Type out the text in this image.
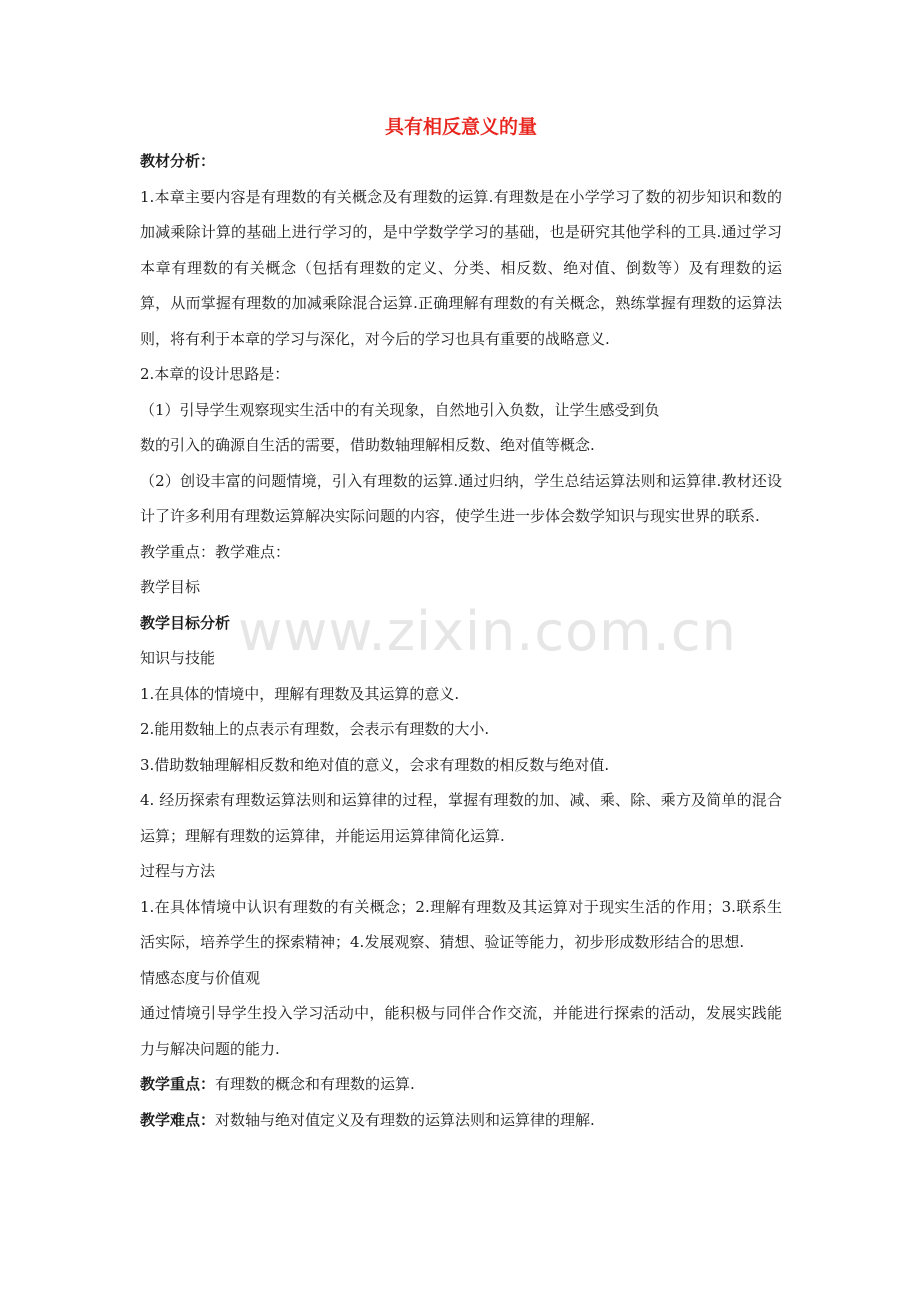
具有相反意义的量

教材分析：

1.本章主要内容是有理数的有关概念及有理数的运算.有理数是在小学学习了数的初步知识和数的加减乘除计算的基础上进行学习的，是中学数学学习的基础，也是研究其他学科的工具.通过学习本章有理数的有关概念（包括有理数的定义、分类、相反数、绝对值、倒数等）及有理数的运算，从而掌握有理数的加减乘除混合运算.正确理解有理数的有关概念，熟练掌握有理数的运算法则，将有利于本章的学习与深化，对今后的学习也具有重要的战略意义.

2.本章的设计思路是：

（1）引导学生观察现实生活中的有关现象，自然地引入负数，让学生感受到负

数的引入的确源自生活的需要，借助数轴理解相反数、绝对值等概念.

（2）创设丰富的问题情境，引入有理数的运算.通过归纳，学生总结运算法则和运算律.教材还设计了许多利用有理数运算解决实际问题的内容，使学生进一步体会数学知识与现实世界的联系.

教学重点：教学难点：

教学目标

教学目标分析

知识与技能

1.在具体的情境中，理解有理数及其运算的意义.

2.能用数轴上的点表示有理数，会表示有理数的大小.

3.借助数轴理解相反数和绝对值的意义，会求有理数的相反数与绝对值.

4. 经历探索有理数运算法则和运算律的过程，掌握有理数的加、减、乘、除、乘方及简单的混合运算；理解有理数的运算律，并能运用运算律简化运算.

过程与方法

1.在具体情境中认识有理数的有关概念；2.理解有理数及其运算对于现实生活的作用；3.联系生活实际，培养学生的探索精神；4.发展观察、猜想、验证等能力，初步形成数形结合的思想.

情感态度与价值观

通过情境引导学生投入学习活动中，能积极与同伴合作交流，并能进行探索的活动，发展实践能力与解决问题的能力.

教学重点：有理数的概念和有理数的运算.

教学难点：对数轴与绝对值定义及有理数的运算法则和运算律的理解.

www.zixin.com.cn
